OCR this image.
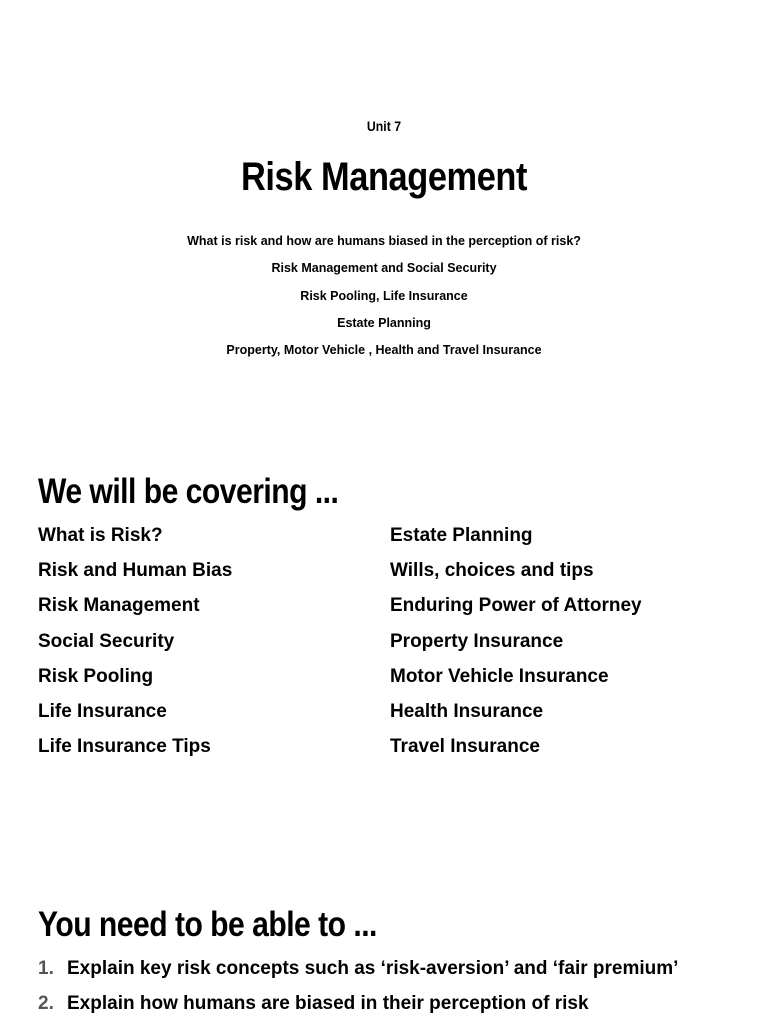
Unit 7
Risk Management
What is risk and how are humans biased in the perception of risk?
Risk Management and Social Security
Risk Pooling, Life Insurance
Estate Planning
Property, Motor Vehicle , Health and Travel Insurance
We will be covering ...
What is Risk?
Risk and Human Bias
Risk Management
Social Security
Risk Pooling
Life Insurance
Life Insurance Tips
Estate Planning
Wills, choices and tips
Enduring Power of Attorney
Property Insurance
Motor Vehicle Insurance
Health Insurance
Travel Insurance
You need to be able to ...
1. Explain key risk concepts such as ‘risk-aversion’ and ‘fair premium’
2. Explain how humans are biased in their perception of risk
